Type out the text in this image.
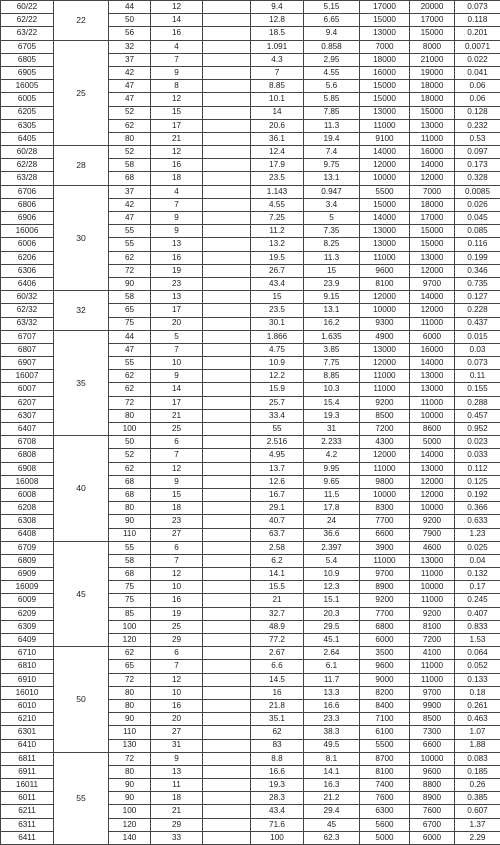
60/22	22	44	12		9.4	5.15	17000	20000	0.073
62/22		50	14		12.8	6.65	15000	17000	0.118
63/22		56	16		18.5	9.4	13000	15000	0.201
6705	25	32	4		1.091	0.858	7000	8000	0.0071
6805		37	7		4.3	2.95	18000	21000	0.022
6905		42	9		7	4.55	16000	19000	0.041
16005		47	8		8.85	5.6	15000	18000	0.06
6005		47	12		10.1	5.85	15000	18000	0.06
6205		52	15		14	7.85	13000	15000	0.128
6305		62	17		20.6	11.3	11000	13000	0.232
6405		80	21		36.1	19.4	9100	11000	0.53
60/28	28	52	12		12.4	7.4	14000	16000	0.097
62/28		58	16		17.9	9.75	12000	14000	0.173
63/28		68	18		23.5	13.1	10000	12000	0.328
6706	30	37	4		1.143	0.947	5500	7000	0.0085
6806		42	7		4.55	3.4	15000	18000	0.026
6906		47	9		7.25	5	14000	17000	0.045
16006		55	9		11.2	7.35	13000	15000	0.085
6006		55	13		13.2	8.25	13000	15000	0.116
6206		62	16		19.5	11.3	11000	13000	0.199
6306		72	19		26.7	15	9600	12000	0.346
6406		90	23		43.4	23.9	8100	9700	0.735
60/32	32	58	13		15	9.15	12000	14000	0.127
62/32		65	17		23.5	13.1	10000	12000	0.228
63/32		75	20		30.1	16.2	9300	11000	0.437
6707	35	44	5		1.866	1.635	4900	6000	0.015
6807		47	7		4.75	3.85	13000	16000	0.03
6907		55	10		10.9	7.75	12000	14000	0.073
16007		62	9		12.2	8.85	11000	13000	0.11
6007		62	14		15.9	10.3	11000	13000	0.155
6207		72	17		25.7	15.4	9200	11000	0.288
6307		80	21		33.4	19.3	8500	10000	0.457
6407		100	25		55	31	7200	8600	0.952
6708	40	50	6		2.516	2.233	4300	5000	0.023
6808		52	7		4.95	4.2	12000	14000	0.033
6908		62	12		13.7	9.95	11000	13000	0.112
16008		68	9		12.6	9.65	9800	12000	0.125
6008		68	15		16.7	11.5	10000	12000	0.192
6208		80	18		29.1	17.8	8300	10000	0.366
6308		90	23		40.7	24	7700	9200	0.633
6408		110	27		63.7	36.6	6600	7900	1.23
6709	45	55	6		2.58	2.397	3900	4600	0.025
6809		58	7		6.2	5.4	11000	13000	0.04
6909		68	12		14.1	10.9	9700	11000	0.132
16009		75	10		15.5	12.3	8900	10000	0.17
6009		75	16		21	15.1	9200	11000	0.245
6209		85	19		32.7	20.3	7700	9200	0.407
6309		100	25		48.9	29.5	6800	8100	0.833
6409		120	29		77.2	45.1	6000	7200	1.53
6710	50	62	6		2.67	2.64	3500	4100	0.064
6810		65	7		6.6	6.1	9600	11000	0.052
6910		72	12		14.5	11.7	9000	11000	0.133
16010		80	10		16	13.3	8200	9700	0.18
6010		80	16		21.8	16.6	8400	9900	0.261
6210		90	20		35.1	23.3	7100	8500	0.463
6301		110	27		62	38.3	6100	7300	1.07
6410		130	31		83	49.5	5500	6600	1.88
6811	55	72	9		8.8	8.1	8700	10000	0.083
6911		80	13		16.6	14.1	8100	9600	0.185
16011		90	11		19.3	16.3	7400	8800	0.26
6011		90	18		28.3	21.2	7600	8900	0.385
6211		100	21		43.4	29.4	6300	7600	0.607
6311		120	29		71.6	45	5600	6700	1.37
6411		140	33		100	62.3	5000	6000	2.29
